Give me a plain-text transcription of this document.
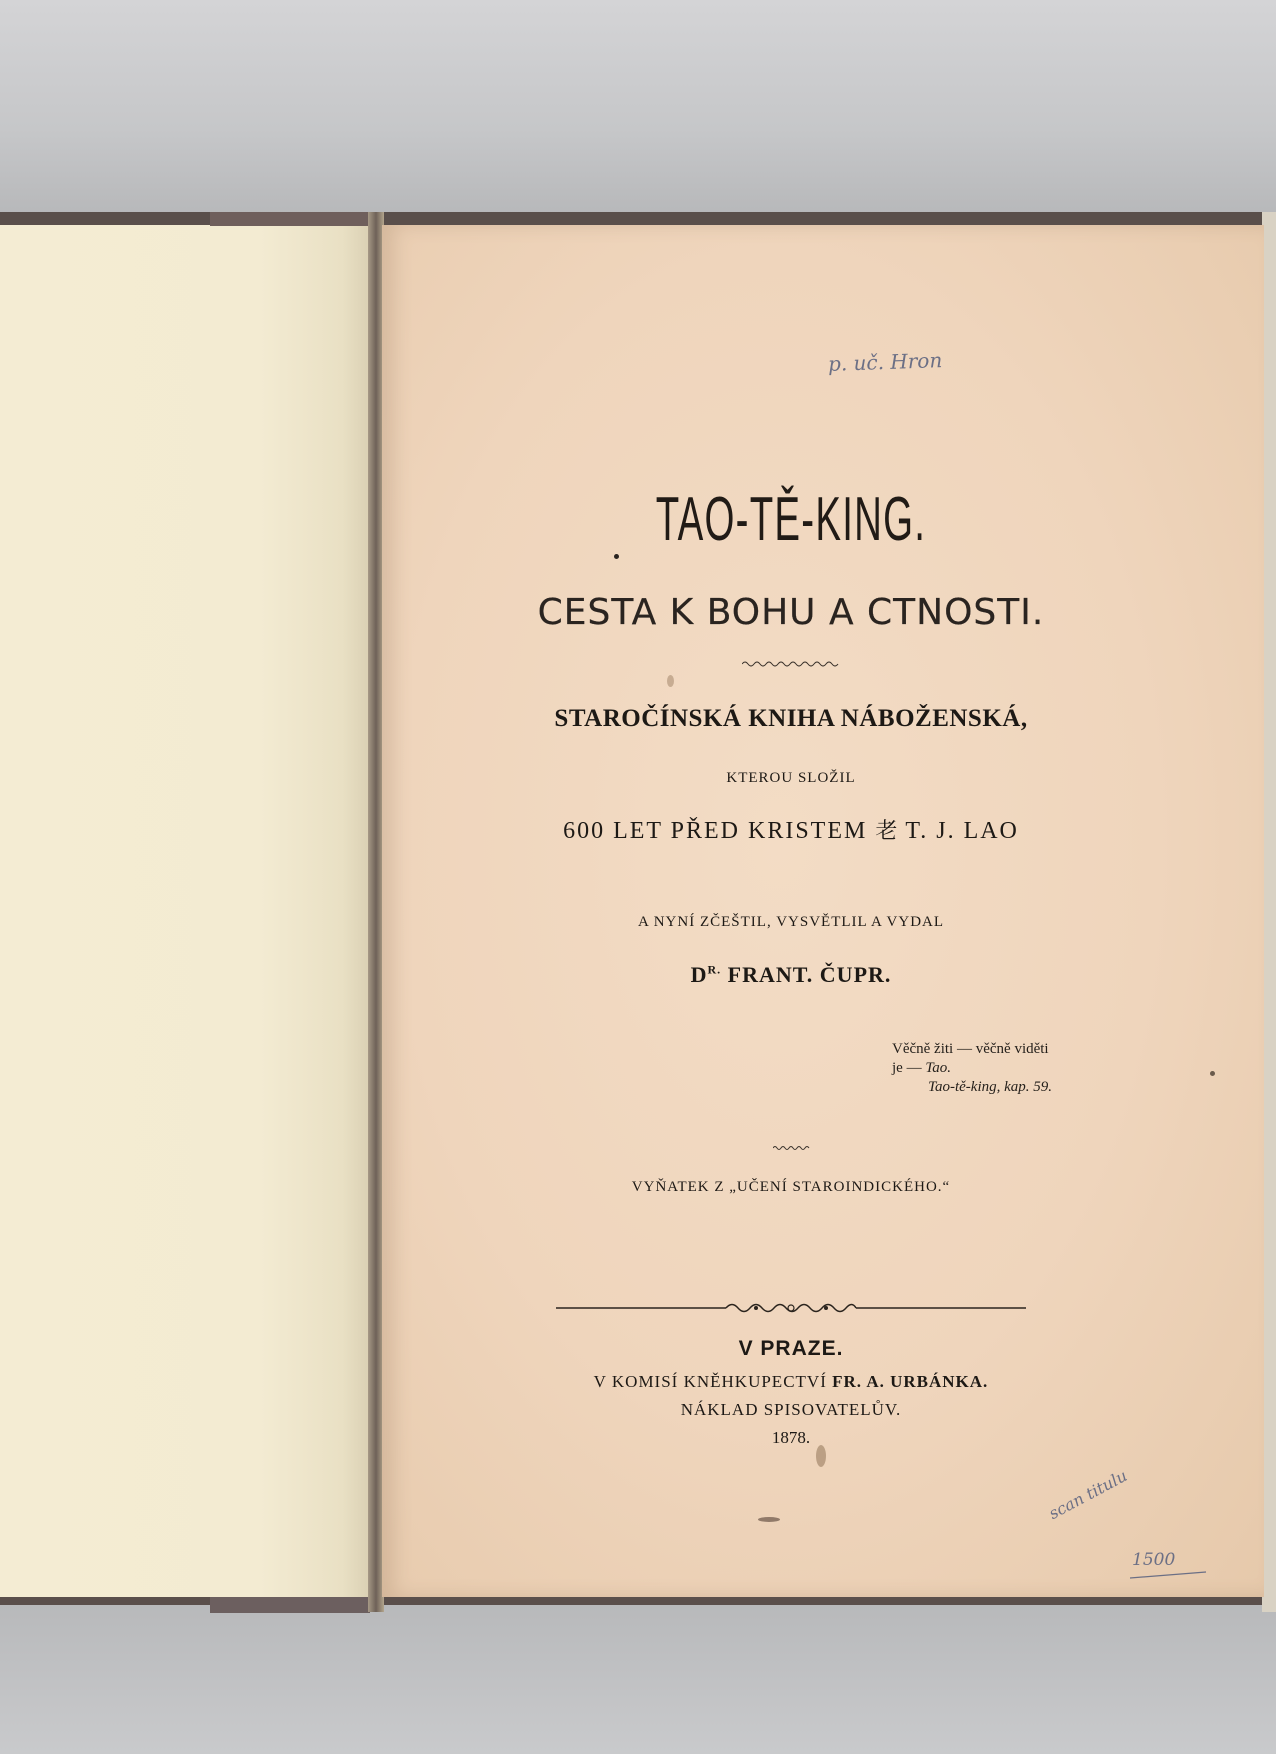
p. uč. Hron
scan titulu
1500
TAO-TĚ-KING.
CESTA K BOHU A CTNOSTI.
STAROČÍNSKÁ KNIHA NÁBOŽENSKÁ,
KTEROU SLOŽIL
600 LET PŘED KRISTEM 老 T. J. LAO
A NYNÍ ZČEŠTIL, VYSVĚTLIL A VYDAL
$D^{R.}$ FRANT. ČUPR.
Věčně žiti — věčně viděti
je — Tao.
Tao-tě-king, kap. 59.
VYŇATEK Z „UČENÍ STAROINDICKÉHO.“
V PRAZE.
V KOMISÍ KNĚHKUPECTVÍ FR. A. URBÁNKA.
NÁKLAD SPISOVATELŮV.
1878.
